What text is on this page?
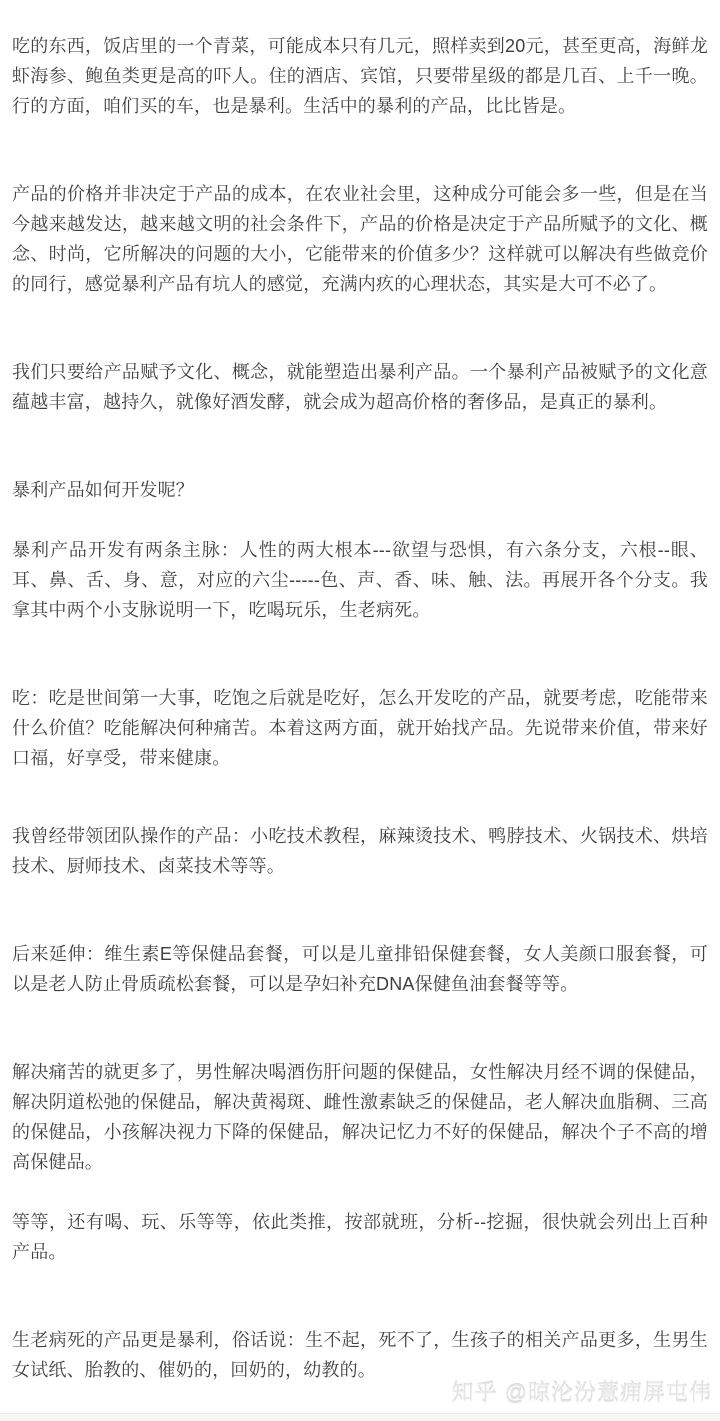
吃的东西，饭店里的一个青菜，可能成本只有几元，照样卖到20元，甚至更高，海鲜龙虾海参、鲍鱼类更是高的吓人。住的酒店、宾馆，只要带星级的都是几百、上千一晚。行的方面，咱们买的车，也是暴利。生活中的暴利的产品，比比皆是。

产品的价格并非决定于产品的成本，在农业社会里，这种成分可能会多一些，但是在当今越来越发达，越来越文明的社会条件下，产品的价格是决定于产品所赋予的文化、概念、时尚，它所解决的问题的大小，它能带来的价值多少？这样就可以解决有些做竞价的同行，感觉暴利产品有坑人的感觉，充满内疚的心理状态，其实是大可不必了。

我们只要给产品赋予文化、概念，就能塑造出暴利产品。一个暴利产品被赋予的文化意蕴越丰富，越持久，就像好酒发酵，就会成为超高价格的奢侈品，是真正的暴利。

暴利产品如何开发呢？

暴利产品开发有两条主脉：人性的两大根本---欲望与恐惧，有六条分支，六根--眼、耳、鼻、舌、身、意，对应的六尘-----色、声、香、味、触、法。再展开各个分支。我拿其中两个小支脉说明一下，吃喝玩乐，生老病死。

吃：吃是世间第一大事，吃饱之后就是吃好，怎么开发吃的产品，就要考虑，吃能带来什么价值？吃能解决何种痛苦。本着这两方面，就开始找产品。先说带来价值，带来好口福，好享受，带来健康。

我曾经带领团队操作的产品：小吃技术教程，麻辣烫技术、鸭脖技术、火锅技术、烘培技术、厨师技术、卤菜技术等等。

后来延伸：维生素E等保健品套餐，可以是儿童排铅保健套餐，女人美颜口服套餐，可以是老人防止骨质疏松套餐，可以是孕妇补充DNA保健鱼油套餐等等。

解决痛苦的就更多了，男性解决喝酒伤肝问题的保健品，女性解决月经不调的保健品，解决阴道松弛的保健品，解决黄褐斑、雌性激素缺乏的保健品，老人解决血脂稠、三高的保健品，小孩解决视力下降的保健品，解决记忆力不好的保健品，解决个子不高的增高保健品。

等等，还有喝、玩、乐等等，依此类推，按部就班，分析--挖掘，很快就会列出上百种产品。

生老病死的产品更是暴利，俗话说：生不起，死不了，生孩子的相关产品更多，生男生女试纸、胎教的、催奶的，回奶的，幼教的。

知乎 @晾沦汾薏痈屏屯伟
